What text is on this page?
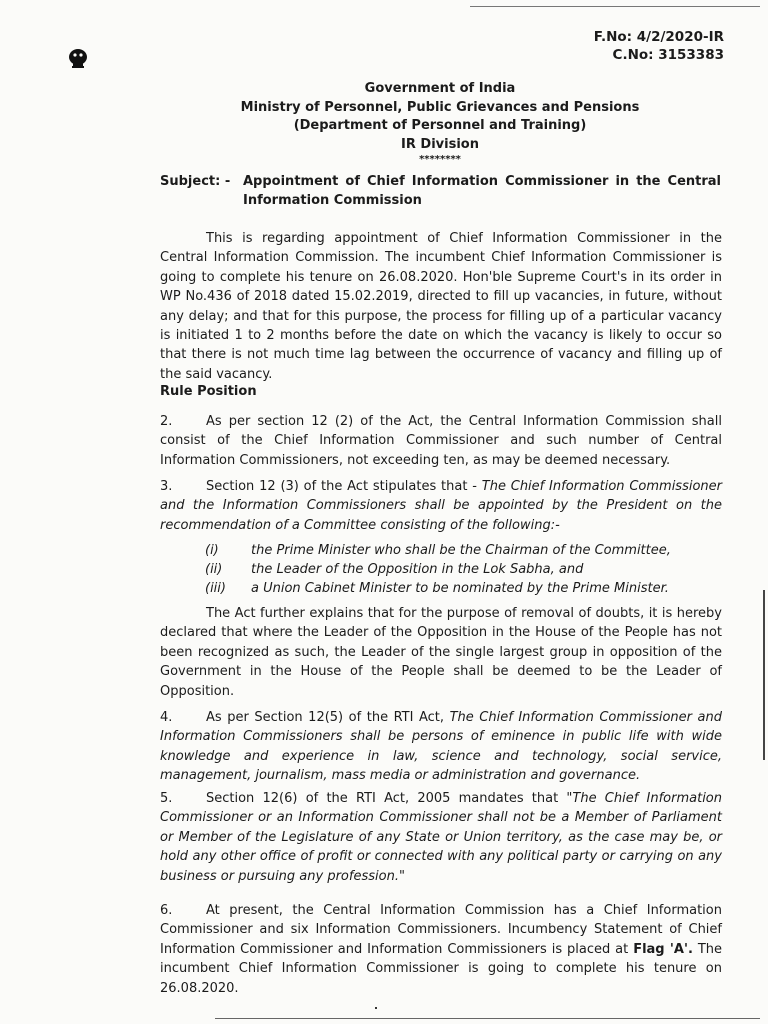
F.No: 4/2/2020-IR
C.No: 3153383
Government of India
Ministry of Personnel, Public Grievances and Pensions
(Department of Personnel and Training)
IR Division
********
Subject: - Appointment of Chief Information Commissioner in the Central Information Commission
This is regarding appointment of Chief Information Commissioner in the Central Information Commission. The incumbent Chief Information Commissioner is going to complete his tenure on 26.08.2020. Hon'ble Supreme Court's in its order in WP No.436 of 2018 dated 15.02.2019, directed to fill up vacancies, in future, without any delay; and that for this purpose, the process for filling up of a particular vacancy is initiated 1 to 2 months before the date on which the vacancy is likely to occur so that there is not much time lag between the occurrence of vacancy and filling up of the said vacancy.
Rule Position
2.	As per section 12 (2) of the Act, the Central Information Commission shall consist of the Chief Information Commissioner and such number of Central Information Commissioners, not exceeding ten, as may be deemed necessary.
3.	Section 12 (3) of the Act stipulates that - The Chief Information Commissioner and the Information Commissioners shall be appointed by the President on the recommendation of a Committee consisting of the following:-
(i)	the Prime Minister who shall be the Chairman of the Committee,
(ii)	the Leader of the Opposition in the Lok Sabha, and
(iii)	a Union Cabinet Minister to be nominated by the Prime Minister.
The Act further explains that for the purpose of removal of doubts, it is hereby declared that where the Leader of the Opposition in the House of the People has not been recognized as such, the Leader of the single largest group in opposition of the Government in the House of the People shall be deemed to be the Leader of Opposition.
4.	As per Section 12(5) of the RTI Act, The Chief Information Commissioner and Information Commissioners shall be persons of eminence in public life with wide knowledge and experience in law, science and technology, social service, management, journalism, mass media or administration and governance.
5.	Section 12(6) of the RTI Act, 2005 mandates that "The Chief Information Commissioner or an Information Commissioner shall not be a Member of Parliament or Member of the Legislature of any State or Union territory, as the case may be, or hold any other office of profit or connected with any political party or carrying on any business or pursuing any profession."
6.	At present, the Central Information Commission has a Chief Information Commissioner and six Information Commissioners. Incumbency Statement of Chief Information Commissioner and Information Commissioners is placed at Flag 'A'. The incumbent Chief Information Commissioner is going to complete his tenure on 26.08.2020.
